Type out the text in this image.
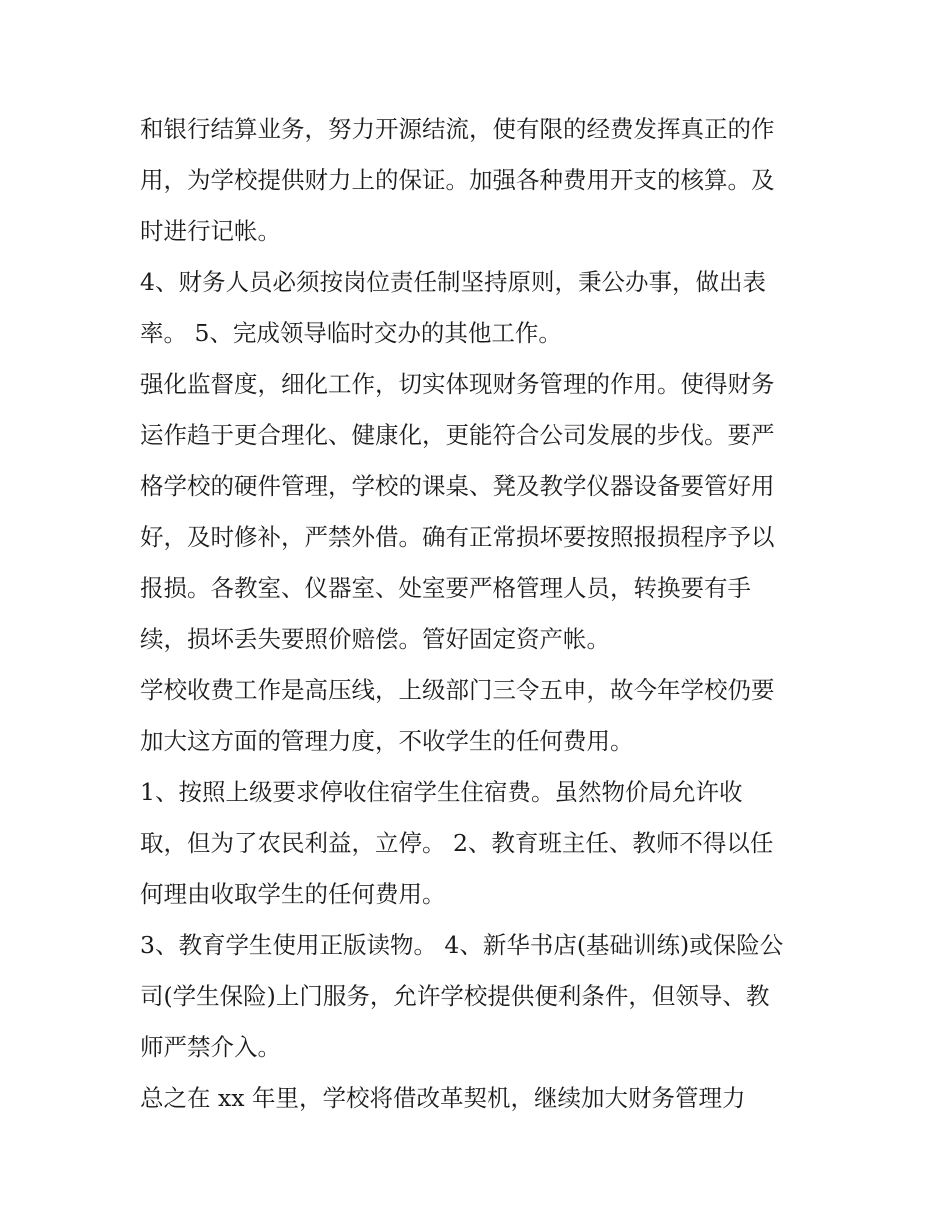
和银行结算业务，努力开源结流，使有限的经费发挥真正的作
用，为学校提供财力上的保证。加强各种费用开支的核算。及
时进行记帐。
4、财务人员必须按岗位责任制坚持原则，秉公办事，做出表
率。 5、完成领导临时交办的其他工作。
强化监督度，细化工作，切实体现财务管理的作用。使得财务
运作趋于更合理化、健康化，更能符合公司发展的步伐。要严
格学校的硬件管理，学校的课桌、凳及教学仪器设备要管好用
好，及时修补，严禁外借。确有正常损坏要按照报损程序予以
报损。各教室、仪器室、处室要严格管理人员，转换要有手
续，损坏丢失要照价赔偿。管好固定资产帐。
学校收费工作是高压线，上级部门三令五申，故今年学校仍要
加大这方面的管理力度，不收学生的任何费用。
1、按照上级要求停收住宿学生住宿费。虽然物价局允许收
取，但为了农民利益，立停。 2、教育班主任、教师不得以任
何理由收取学生的任何费用。
3、教育学生使用正版读物。 4、新华书店(基础训练)或保险公
司(学生保险)上门服务，允许学校提供便利条件，但领导、教
师严禁介入。
总之在 xx 年里，学校将借改革契机，继续加大财务管理力
